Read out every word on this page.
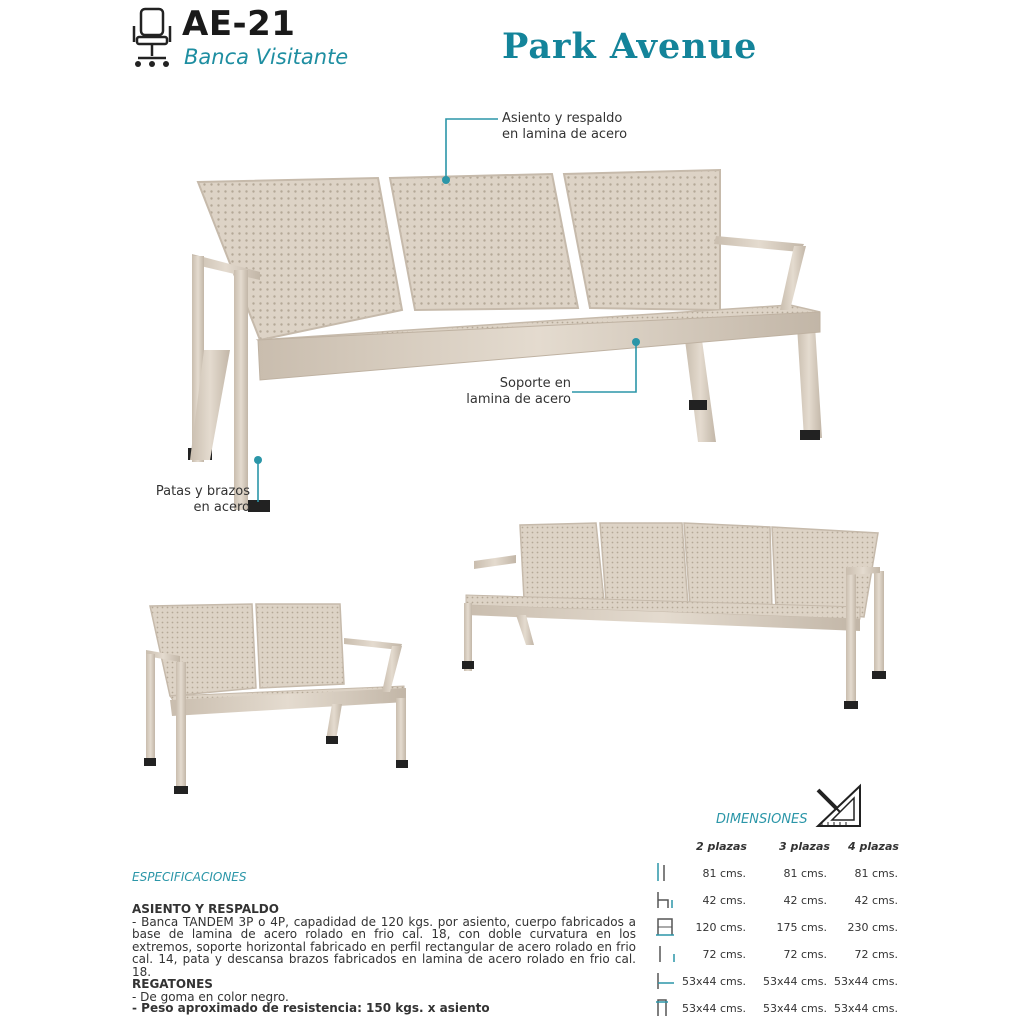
AE-21
Banca Visitante	Park Avenue
Asiento y respaldo
en lamina de acero
Soporte en
lamina de acero
Patas y brazos
en acero
DIMENSIONES
2 plazas	3 plazas 4 plazas
81 cms.	81 cms.	81 cms.
42 cms.	42 cms.	42 cms.
120 cms.	175 cms.	230 cms.
72 cms.	72 cms.	72 cms.
53x44 cms.	53x44 cms. 53x44 cms.
53x44 cms.	53x44 cms. 53x44 cms.
ESPECIFICACIONES
ASIENTO Y RESPALDO
- Banca TANDEM 3P o 4P, capadidad de 120 kgs. por asiento, cuerpo fabricados a base de lamina de acero rolado en frio cal. 18, con doble curvatura en los extremos, soporte horizontal fabricado en perfil rectangular de acero rolado en frio cal. 14, pata y descansa brazos fabricados en lamina de acero rolado en frio cal. 18.
REGATONES
- De goma en color negro.
- Peso aproximado de resistencia: 150 kgs. x asiento
